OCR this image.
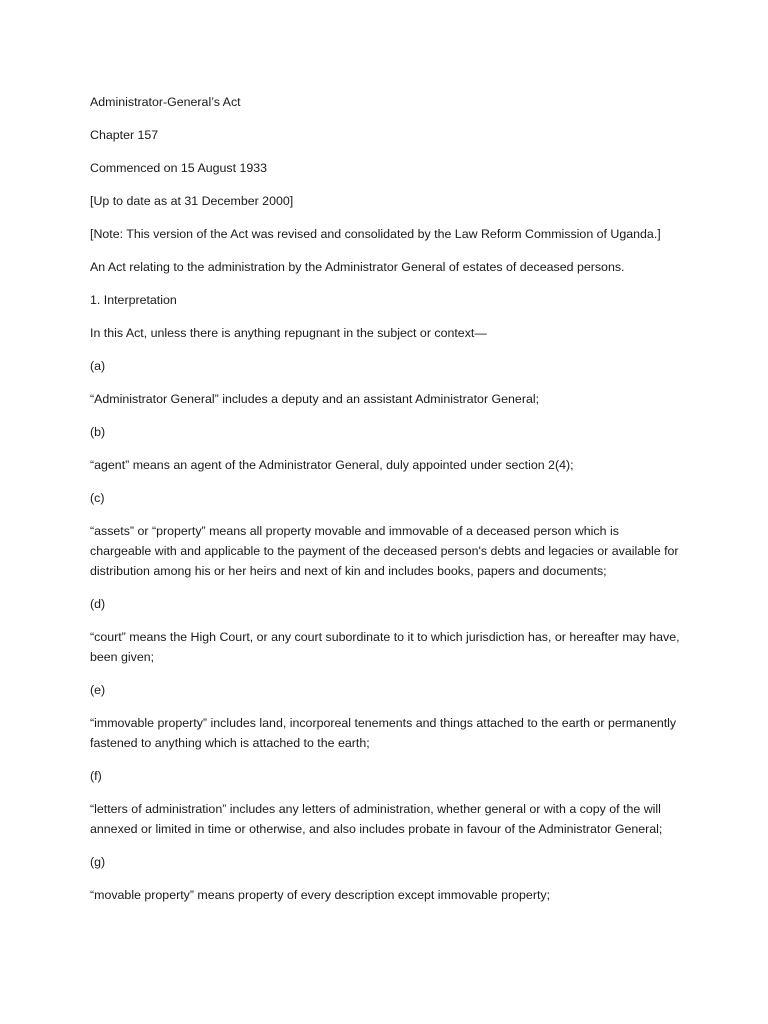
Administrator-General’s Act

Chapter 157

Commenced on 15 August 1933

[Up to date as at 31 December 2000]

[Note: This version of the Act was revised and consolidated by the Law Reform Commission of Uganda.]

An Act relating to the administration by the Administrator General of estates of deceased persons.

1. Interpretation

In this Act, unless there is anything repugnant in the subject or context—

(a)

“Administrator General” includes a deputy and an assistant Administrator General;

(b)

“agent” means an agent of the Administrator General, duly appointed under section 2(4);

(c)

“assets” or “property” means all property movable and immovable of a deceased person which is chargeable with and applicable to the payment of the deceased person's debts and legacies or available for distribution among his or her heirs and next of kin and includes books, papers and documents;

(d)

“court” means the High Court, or any court subordinate to it to which jurisdiction has, or hereafter may have, been given;

(e)

“immovable property” includes land, incorporeal tenements and things attached to the earth or permanently fastened to anything which is attached to the earth;

(f)

“letters of administration” includes any letters of administration, whether general or with a copy of the will annexed or limited in time or otherwise, and also includes probate in favour of the Administrator General;

(g)

“movable property” means property of every description except immovable property;
